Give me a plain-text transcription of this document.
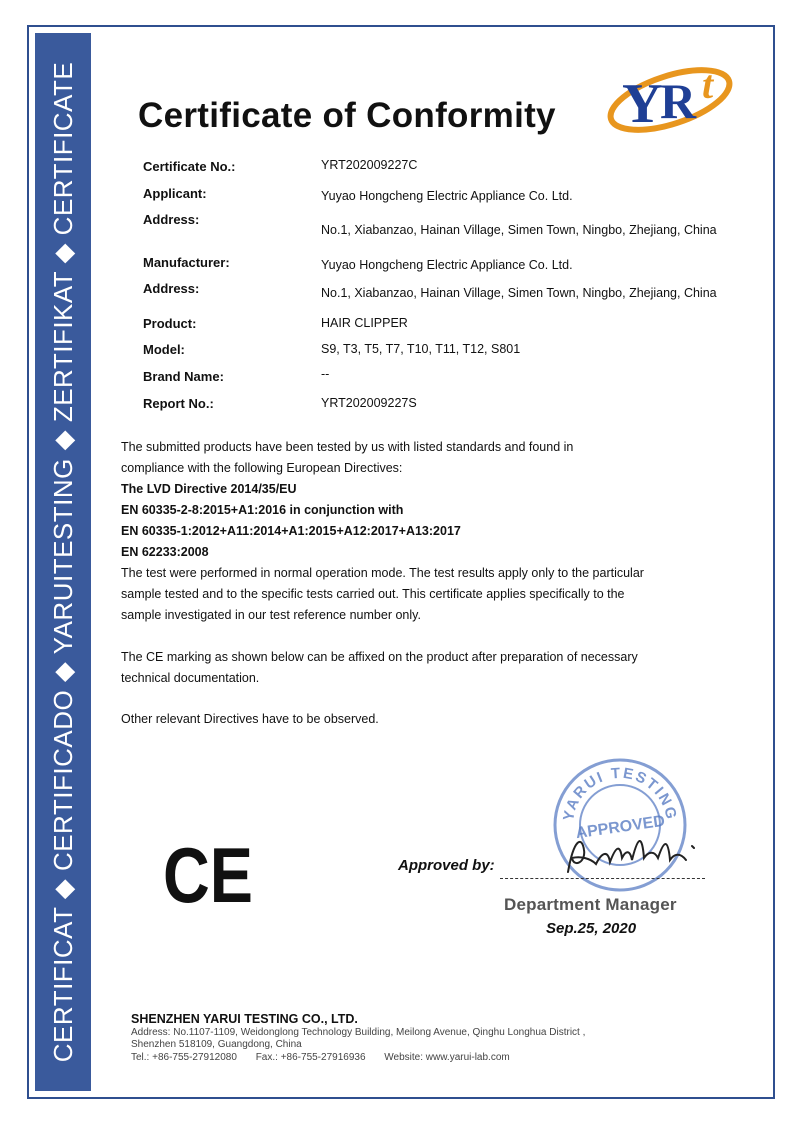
CERTIFICAT ◆ CERTIFICADO ◆ YARUITESTING ◆ ZERTIFIKAT ◆ CERTIFICATE Certificate of Conformity Y
R t
Certificate No.:	YRT202009227C
Applicant:	Yuyao Hongcheng Electric Appliance Co. Ltd.
Address:
No.1, Xiabanzao, Hainan Village, Simen Town, Ningbo, Zhejiang, China
Manufacturer:	Yuyao Hongcheng Electric Appliance Co. Ltd.
Address:	No.1, Xiabanzao, Hainan Village, Simen Town, Ningbo, Zhejiang, China
Product:	HAIR CLIPPER
Model:	S9, T3, T5, T7, T10, T11, T12, S801
Brand Name:	--
Report No.:	YRT202009227S
The submitted products have been tested by us with listed standards and found in
compliance with the following European Directives:
The LVD Directive 2014/35/EU
EN 60335-2-8:2015+A1:2016 in conjunction with
EN 60335-1:2012+A11:2014+A1:2015+A12:2017+A13:2017
EN 62233:2008
The test were performed in normal operation mode. The test results apply only to the particular
sample tested and to the specific tests carried out. This certificate applies specifically to the
sample investigated in our test reference number only.
The CE marking as shown below can be affixed on the product after preparation of necessary
technical documentation.
Other relevant Directives have to be observed.
CE
YARUI TESTING
APPROVED
Approved by:
Department Manager
Sep.25, 2020
SHENZHEN YARUI TESTING CO., LTD.
Address: No.1107-1109, Weidonglong Technology Building, Meilong Avenue, Qinghu Longhua District ,
Shenzhen 518109, Guangdong, China
Tel.: +86-755-27912080 Fax.: +86-755-27916936 Website: www.yarui-lab.com
